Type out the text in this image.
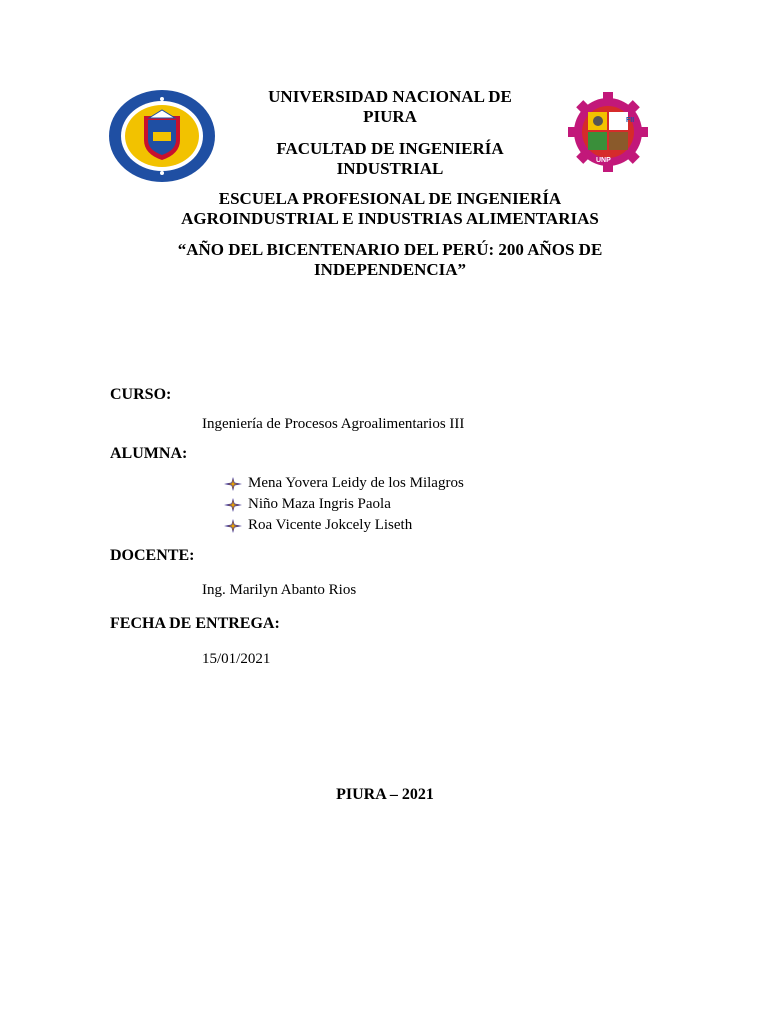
FII
UNP
UNIVERSIDAD NACIONAL DE
PIURA
FACULTAD DE INGENIERÍA
INDUSTRIAL
ESCUELA PROFESIONAL DE INGENIERÍA
AGROINDUSTRIAL E INDUSTRIAS ALIMENTARIAS
“AÑO DEL BICENTENARIO DEL PERÚ: 200 AÑOS DE
INDEPENDENCIA”
CURSO:
Ingeniería de Procesos Agroalimentarios III
ALUMNA:
Mena Yovera Leidy de los Milagros
Niño Maza Ingris Paola
Roa Vicente Jokcely Liseth
DOCENTE:
Ing. Marilyn Abanto Rios
FECHA DE ENTREGA:
15/01/2021
PIURA – 2021
